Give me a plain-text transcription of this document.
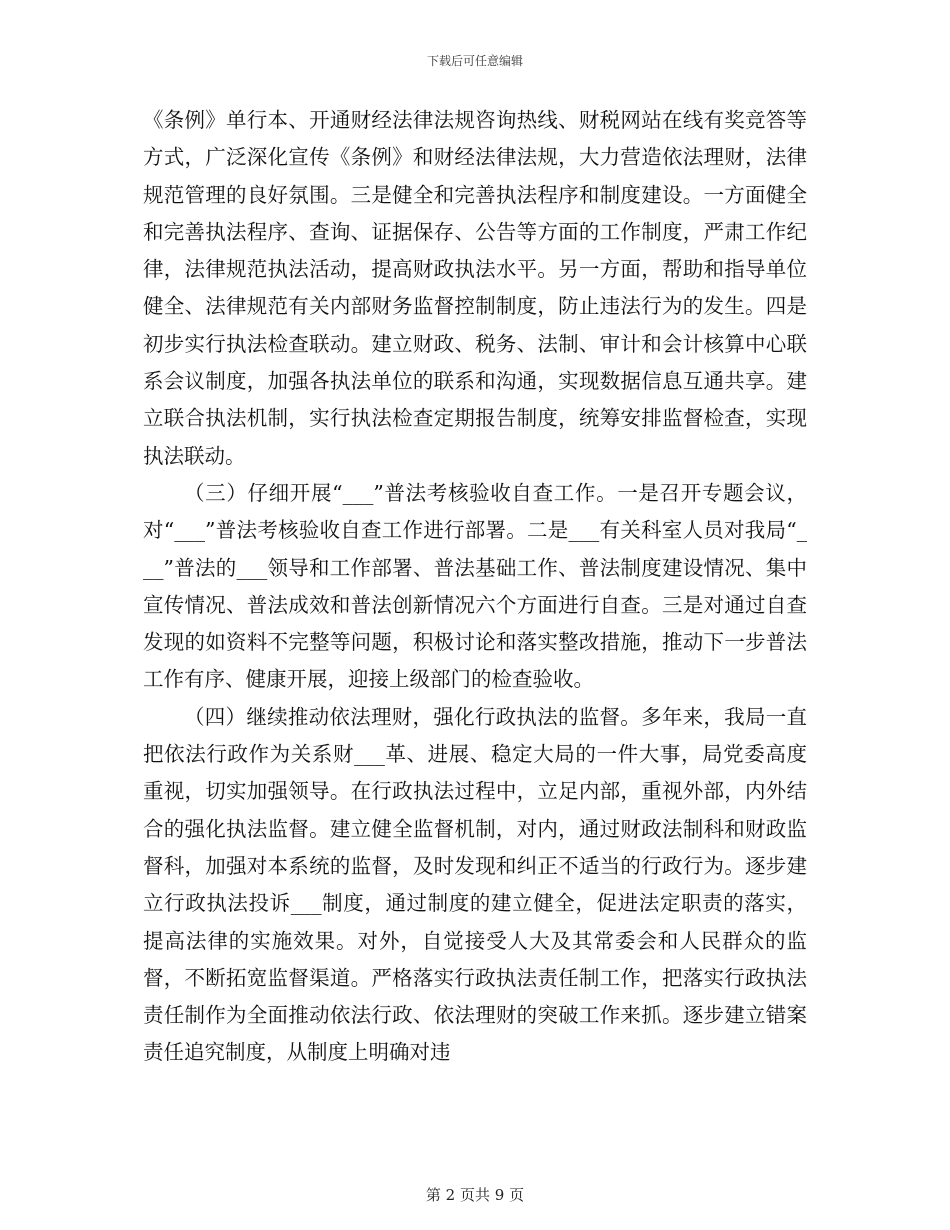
下载后可任意编辑

《条例》单行本、开通财经法律法规咨询热线、财税网站在线有奖竞答等方式，广泛深化宣传《条例》和财经法律法规，大力营造依法理财，法律规范管理的良好氛围。三是健全和完善执法程序和制度建设。一方面健全和完善执法程序、查询、证据保存、公告等方面的工作制度，严肃工作纪律，法律规范执法活动，提高财政执法水平。另一方面，帮助和指导单位健全、法律规范有关内部财务监督控制制度，防止违法行为的发生。四是初步实行执法检查联动。建立财政、税务、法制、审计和会计核算中心联系会议制度，加强各执法单位的联系和沟通，实现数据信息互通共享。建立联合执法机制，实行执法检查定期报告制度，统筹安排监督检查，实现执法联动。

（三）仔细开展“___”普法考核验收自查工作。一是召开专题会议，对“___”普法考核验收自查工作进行部署。二是___有关科室人员对我局“___”普法的___领导和工作部署、普法基础工作、普法制度建设情况、集中宣传情况、普法成效和普法创新情况六个方面进行自查。三是对通过自查发现的如资料不完整等问题，积极讨论和落实整改措施，推动下一步普法工作有序、健康开展，迎接上级部门的检查验收。

（四）继续推动依法理财，强化行政执法的监督。多年来，我局一直把依法行政作为关系财___革、进展、稳定大局的一件大事，局党委高度重视，切实加强领导。在行政执法过程中，立足内部，重视外部，内外结合的强化执法监督。建立健全监督机制，对内，通过财政法制科和财政监督科，加强对本系统的监督，及时发现和纠正不适当的行政行为。逐步建立行政执法投诉___制度，通过制度的建立健全，促进法定职责的落实，提高法律的实施效果。对外，自觉接受人大及其常委会和人民群众的监督，不断拓宽监督渠道。严格落实行政执法责任制工作，把落实行政执法责任制作为全面推动依法行政、依法理财的突破工作来抓。逐步建立错案责任追究制度，从制度上明确对违

第 2 页共 9 页
